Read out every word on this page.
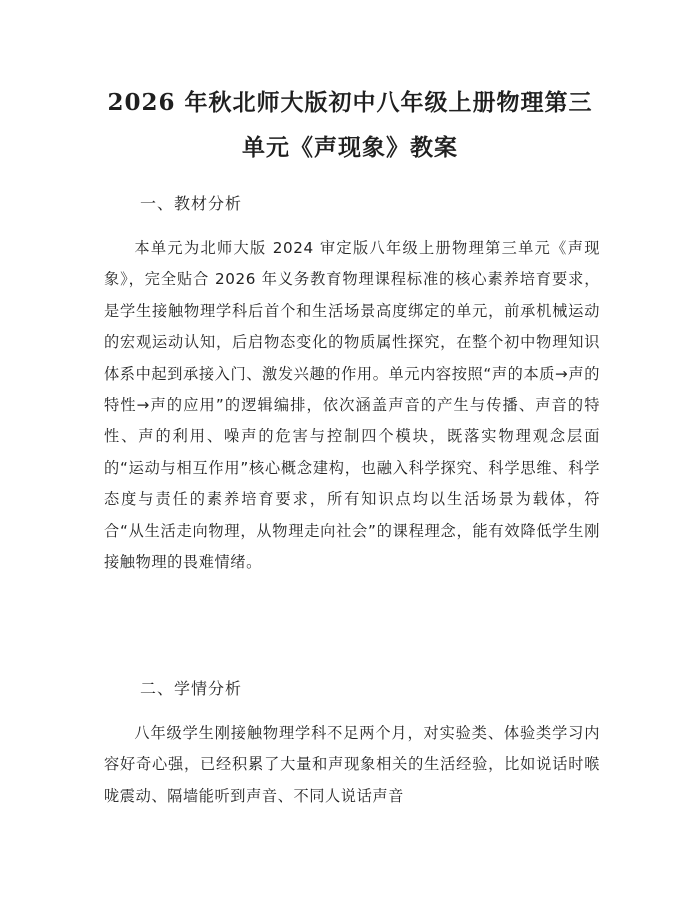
2026 年秋北师大版初中八年级上册物理第三
单元《声现象》教案
一、教材分析

本单元为北师大版 2024 审定版八年级上册物理第三单元《声现象》，完全贴合 2026 年义务教育物理课程标准的核心素养培育要求，是学生接触物理学科后首个和生活场景高度绑定的单元，前承机械运动的宏观运动认知，后启物态变化的物质属性探究，在整个初中物理知识体系中起到承接入门、激发兴趣的作用。单元内容按照“声的本质→声的特性→声的应用”的逻辑编排，依次涵盖声音的产生与传播、声音的特性、声的利用、噪声的危害与控制四个模块，既落实物理观念层面的“运动与相互作用”核心概念建构，也融入科学探究、科学思维、科学态度与责任的素养培育要求，所有知识点均以生活场景为载体，符合“从生活走向物理，从物理走向社会”的课程理念，能有效降低学生刚接触物理的畏难情绪。

二、学情分析

八年级学生刚接触物理学科不足两个月，对实验类、体验类学习内容好奇心强，已经积累了大量和声现象相关的生活经验，比如说话时喉咙震动、隔墙能听到声音、不同人说话声音
